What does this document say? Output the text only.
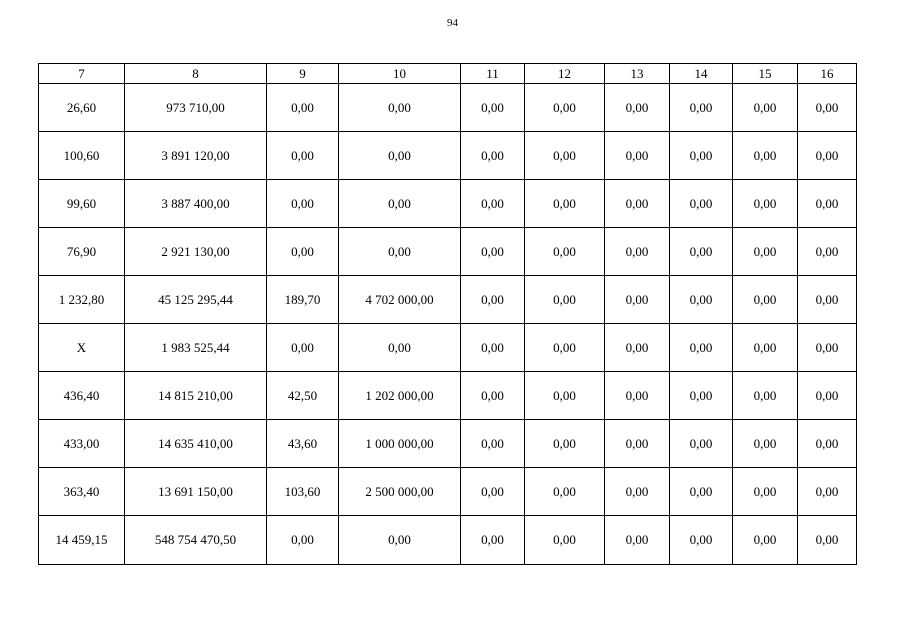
94
7	8	9	10	11	12	13	14	15	16
26,60	973 710,00	0,00	0,00	0,00	0,00	0,00	0,00	0,00	0,00
100,60	3 891 120,00	0,00	0,00	0,00	0,00	0,00	0,00	0,00	0,00
99,60	3 887 400,00	0,00	0,00	0,00	0,00	0,00	0,00	0,00	0,00
76,90	2 921 130,00	0,00	0,00	0,00	0,00	0,00	0,00	0,00	0,00
1 232,80	45 125 295,44	189,70	4 702 000,00	0,00	0,00	0,00	0,00	0,00	0,00
X	1 983 525,44	0,00	0,00	0,00	0,00	0,00	0,00	0,00	0,00
436,40	14 815 210,00	42,50	1 202 000,00	0,00	0,00	0,00	0,00	0,00	0,00
433,00	14 635 410,00	43,60	1 000 000,00	0,00	0,00	0,00	0,00	0,00	0,00
363,40	13 691 150,00	103,60	2 500 000,00	0,00	0,00	0,00	0,00	0,00	0,00
14 459,15	548 754 470,50	0,00	0,00	0,00	0,00	0,00	0,00	0,00	0,00
